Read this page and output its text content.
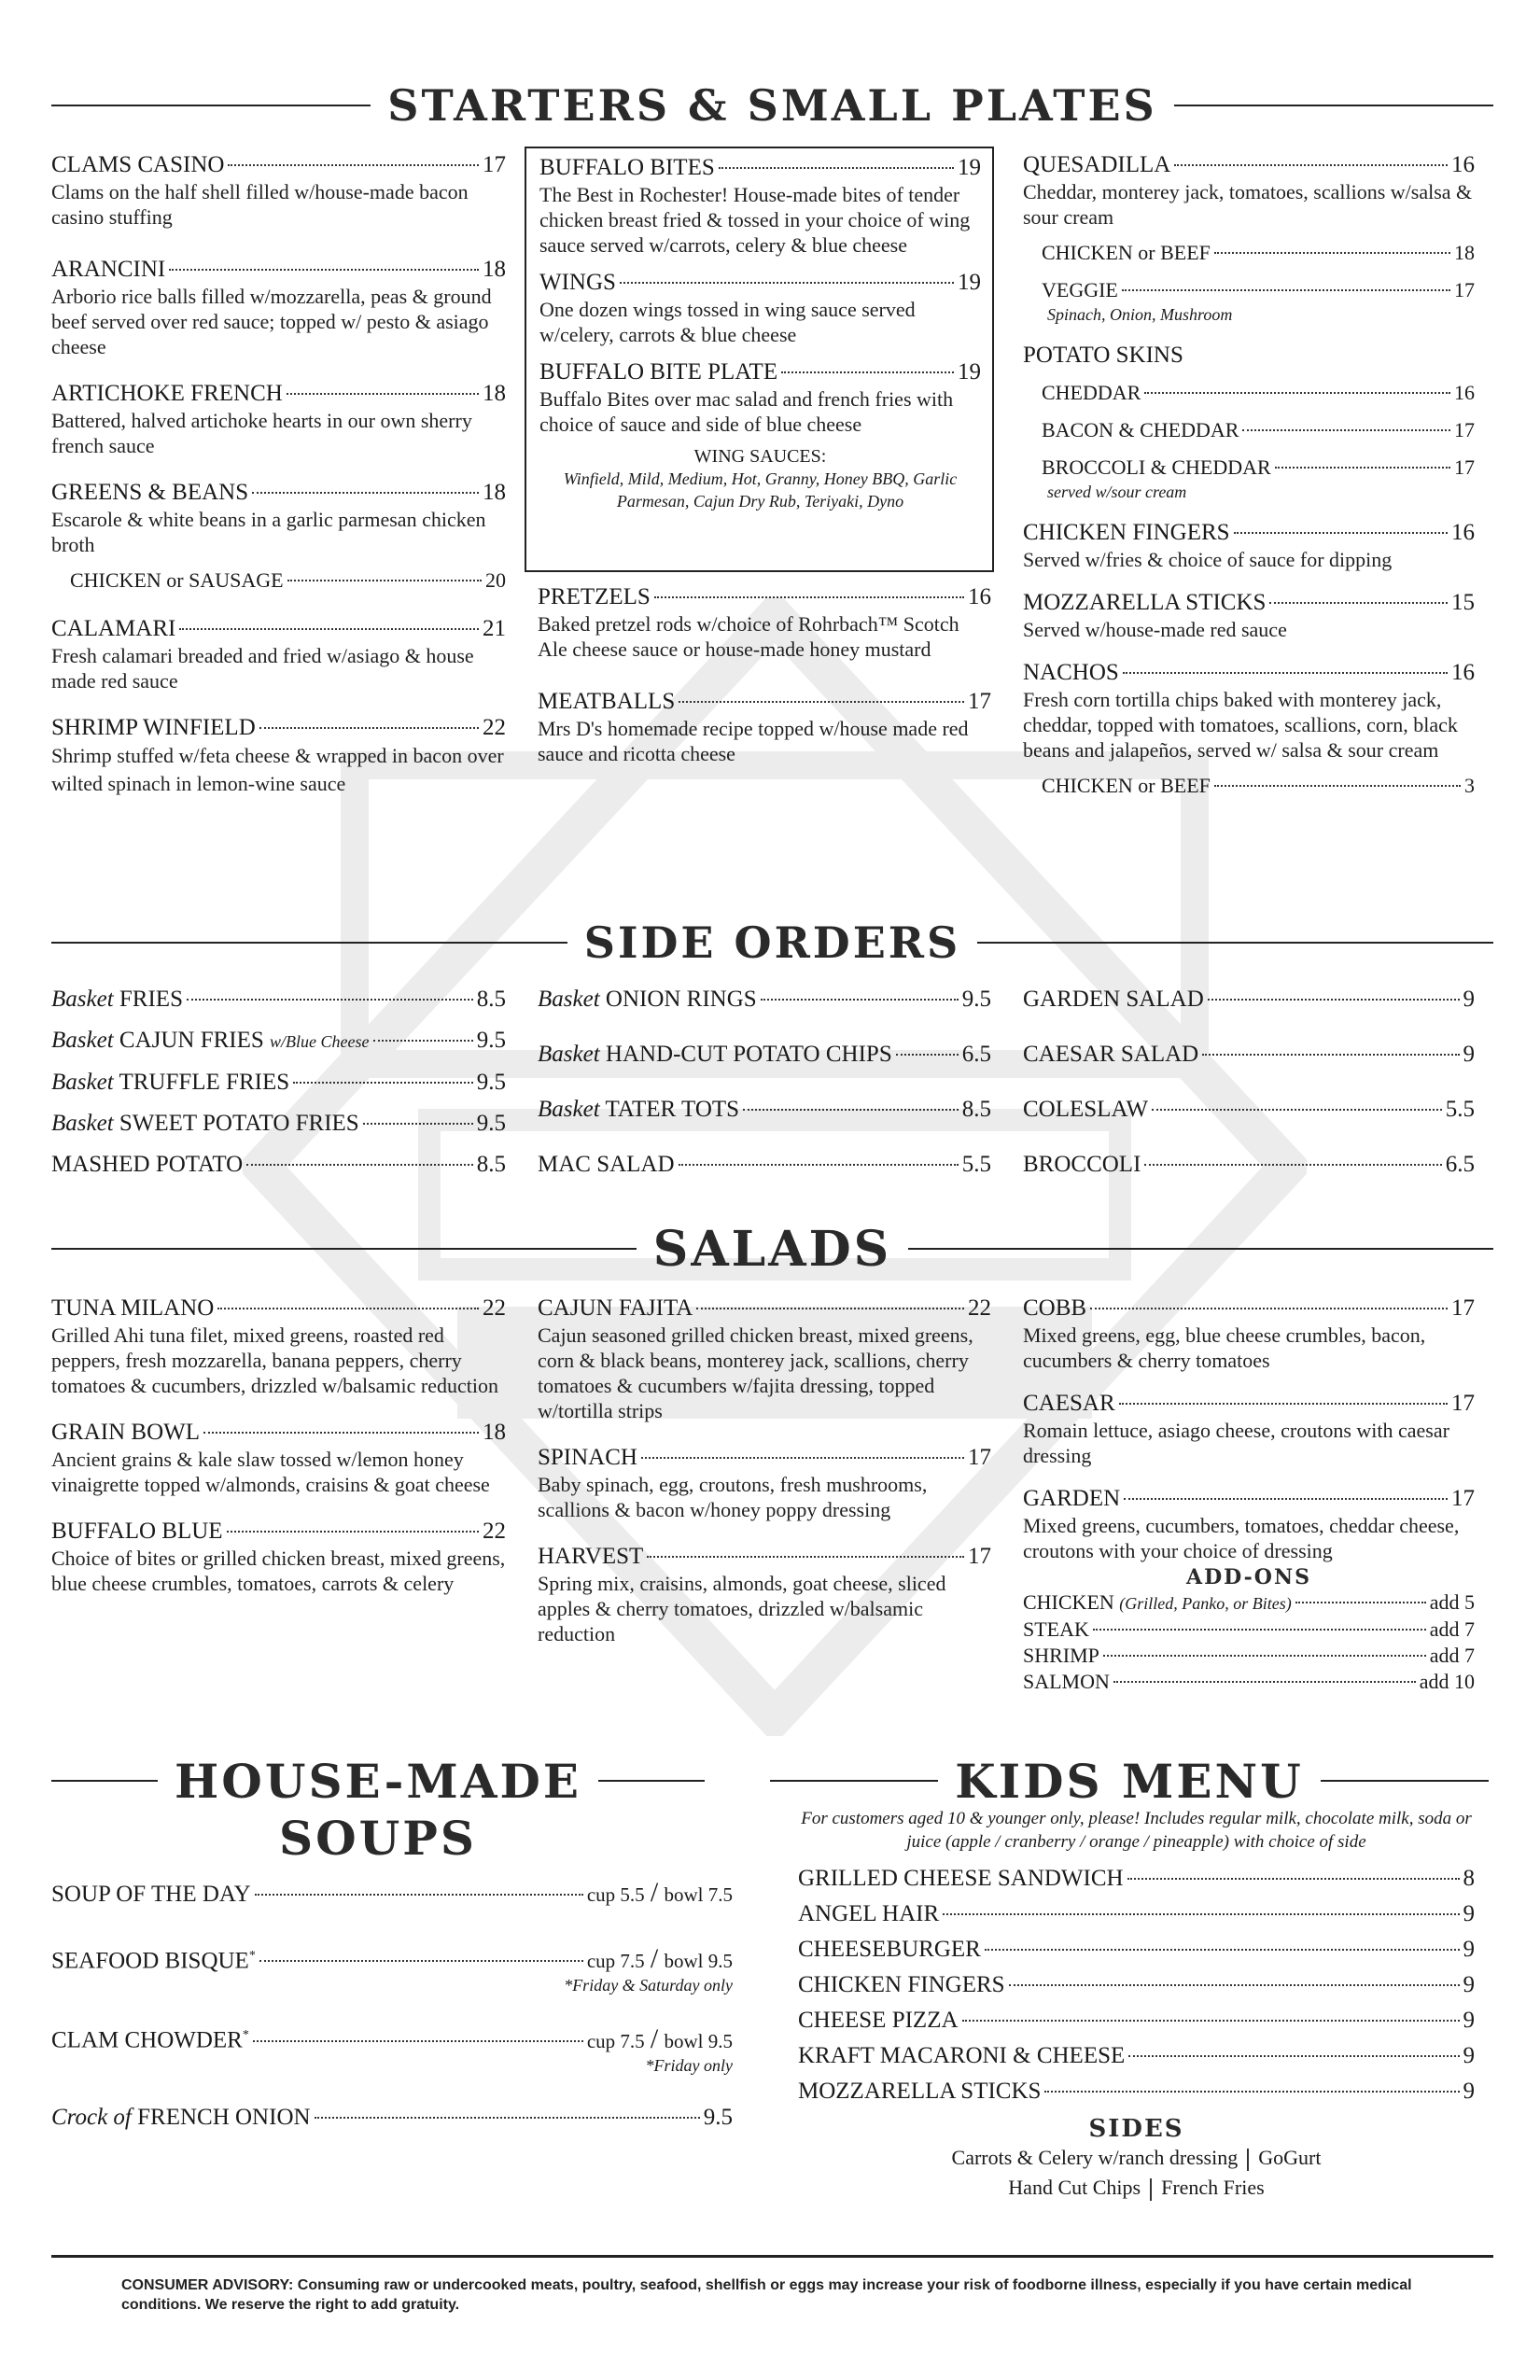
STARTERS & SMALL PLATES
CLAMS CASINO	17
Clams on the half shell filled w/house-made bacon casino stuffing
ARANCINI	18
Arborio rice balls filled w/mozzarella, peas & ground beef served over red sauce; topped w/ pesto & asiago cheese
ARTICHOKE FRENCH	18
Battered, halved artichoke hearts in our own sherry french sauce
GREENS & BEANS	18
Escarole & white beans in a garlic parmesan chicken broth
CHICKEN or SAUSAGE	20
CALAMARI	21
Fresh calamari breaded and fried w/asiago & house made red sauce
SHRIMP WINFIELD	22
Shrimp stuffed w/feta cheese & wrapped in bacon over wilted spinach in lemon-wine sauce
BUFFALO BITES	19
The Best in Rochester! House-made bites of tender chicken breast fried & tossed in your choice of wing sauce served w/carrots, celery & blue cheese
WINGS	19
One dozen wings tossed in wing sauce served w/celery, carrots & blue cheese
BUFFALO BITE PLATE	19
Buffalo Bites over mac salad and french fries with choice of sauce and side of blue cheese
WING SAUCES:
Winfield, Mild, Medium, Hot, Granny, Honey BBQ, Garlic Parmesan, Cajun Dry Rub, Teriyaki, Dyno
PRETZELS	16
Baked pretzel rods w/choice of Rohrbach™ Scotch Ale cheese sauce or house-made honey mustard
MEATBALLS	17
Mrs D's homemade recipe topped w/house made red sauce and ricotta cheese
QUESADILLA	16
Cheddar, monterey jack, tomatoes, scallions w/salsa & sour cream
CHICKEN or BEEF	18
VEGGIE	17
Spinach, Onion, Mushroom
POTATO SKINS
CHEDDAR	16
BACON & CHEDDAR	17
BROCCOLI & CHEDDAR	17
served w/sour cream
CHICKEN FINGERS	16
Served w/fries & choice of sauce for dipping
MOZZARELLA STICKS	15
Served w/house-made red sauce
NACHOS	16
Fresh corn tortilla chips baked with monterey jack, cheddar, topped with tomatoes, scallions, corn, black beans and jalapeños, served w/ salsa & sour cream
CHICKEN or BEEF	3
SIDE ORDERS
Basket FRIES	8.5
Basket CAJUN FRIES w/Blue Cheese	9.5
Basket TRUFFLE FRIES	9.5
Basket SWEET POTATO FRIES	9.5
MASHED POTATO	8.5
Basket ONION RINGS	9.5
Basket HAND-CUT POTATO CHIPS	6.5
Basket TATER TOTS	8.5
MAC SALAD	5.5
GARDEN SALAD	9
CAESAR SALAD	9
COLESLAW	5.5
BROCCOLI	6.5
SALADS
TUNA MILANO	22
Grilled Ahi tuna filet, mixed greens, roasted red peppers, fresh mozzarella, banana peppers, cherry tomatoes & cucumbers, drizzled w/balsamic reduction
GRAIN BOWL	18
Ancient grains & kale slaw tossed w/lemon honey vinaigrette topped w/almonds, craisins & goat cheese
BUFFALO BLUE	22
Choice of bites or grilled chicken breast, mixed greens, blue cheese crumbles, tomatoes, carrots & celery
CAJUN FAJITA	22
Cajun seasoned grilled chicken breast, mixed greens, corn & black beans, monterey jack, scallions, cherry tomatoes & cucumbers w/fajita dressing, topped w/tortilla strips
SPINACH	17
Baby spinach, egg, croutons, fresh mushrooms, scallions & bacon w/honey poppy dressing
HARVEST	17
Spring mix, craisins, almonds, goat cheese, sliced apples & cherry tomatoes, drizzled w/balsamic reduction
COBB	17
Mixed greens, egg, blue cheese crumbles, bacon, cucumbers & cherry tomatoes
CAESAR	17
Romain lettuce, asiago cheese, croutons with caesar dressing
GARDEN	17
Mixed greens, cucumbers, tomatoes, cheddar cheese, croutons with your choice of dressing
ADD-ONS
CHICKEN (Grilled, Panko, or Bites)	add 5
STEAK	add 7
SHRIMP	add 7
SALMON	add 10
HOUSE-MADE
SOUPS
SOUP OF THE DAY	cup 5.5 / bowl 7.5
SEAFOOD BISQUE*	cup 7.5 / bowl 9.5
*Friday & Saturday only
CLAM CHOWDER*	cup 7.5 / bowl 9.5
*Friday only
Crock of FRENCH ONION	9.5
KIDS MENU
For customers aged 10 & younger only, please! Includes regular milk, chocolate milk, soda or juice (apple / cranberry / orange / pineapple) with choice of side
GRILLED CHEESE SANDWICH	8
ANGEL HAIR	9
CHEESEBURGER	9
CHICKEN FINGERS	9
CHEESE PIZZA	9
KRAFT MACARONI & CHEESE	9
MOZZARELLA STICKS	9
SIDES
Carrots & Celery w/ranch dressing GoGurt
Hand Cut Chips French Fries
CONSUMER ADVISORY: Consuming raw or undercooked meats, poultry, seafood, shellfish or eggs may increase your risk of foodborne illness, especially if you have certain medical conditions. We reserve the right to add gratuity.
